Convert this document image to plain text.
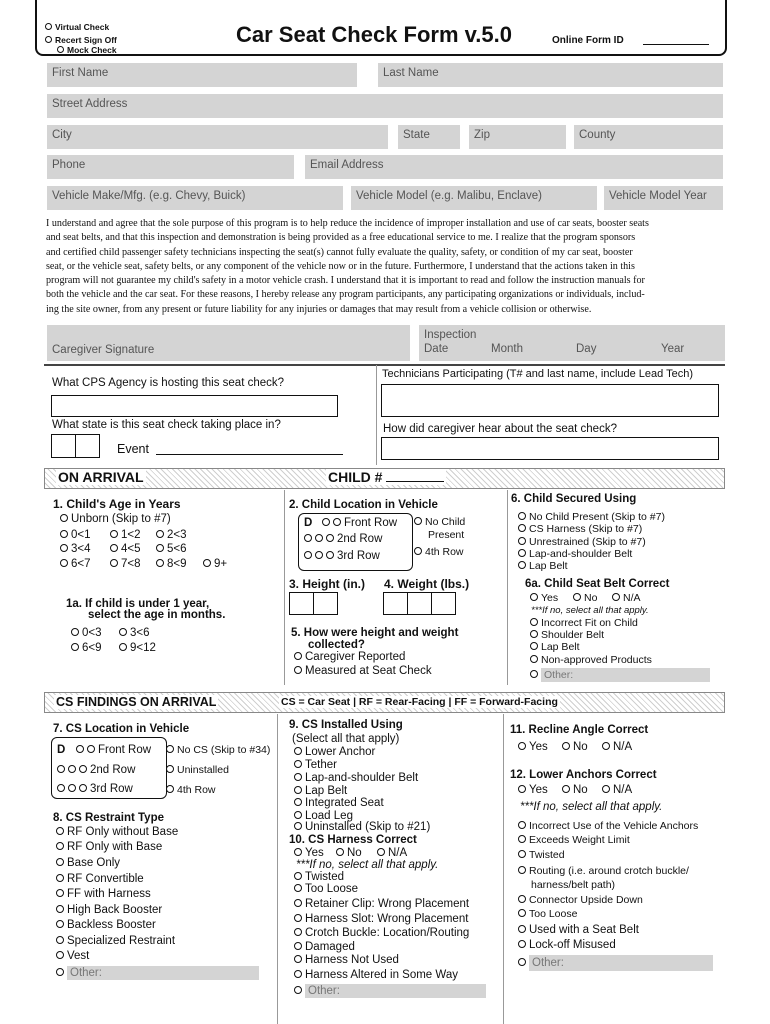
Virtual Check
Recert Sign Off
Mock Check
Car Seat Check Form v.5.0	Online Form ID
First Name	Last Name
Street Address
City	State	Zip	County
Phone	Email Address
Vehicle Make/Mfg. (e.g. Chevy, Buick)	Vehicle Model (e.g. Malibu, Enclave)	Vehicle Model Year
I understand and agree that the sole purpose of this program is to help reduce the incidence of improper installation and use of car seats, booster seats
and seat belts, and that this inspection and demonstration is being provided as a free educational service to me. I realize that the program sponsors
and certified child passenger safety technicians inspecting the seat(s) cannot fully evaluate the quality, safety, or condition of my car seat, booster
seat, or the vehicle seat, safety belts, or any component of the vehicle now or in the future. Furthermore, I understand that the actions taken in this
program will not guarantee my child's safety in a motor vehicle crash. I understand that it is important to read and follow the instruction manuals for
both the vehicle and the car seat. For these reasons, I hereby release any program participants, any participating organizations or individuals, includ-
ing the site owner, from any present or future liability for any injuries or damages that may result from a vehicle collision or otherwise.
Caregiver Signature
Inspection
Date	Month	Day	Year
What CPS Agency is hosting this seat check?
Technicians Participating (T# and last name, include Lead Tech)
What state is this seat check taking place in?
Event
How did caregiver hear about the seat check?
ON ARRIVAL	CHILD #
1. Child's Age in Years
Unborn (Skip to #7)
0<1	1<2	2<3
3<4	4<5	5<6
6<7	7<8	8<9	9+
1a. If child is under 1 year,
select the age in months.
0<3	3<6
6<9	9<12
2. Child Location in Vehicle
D	Front Row
2nd Row
3rd Row
No Child
Present
4th Row
3. Height (in.) 4. Weight (lbs.)
5. How were height and weight
collected?
Caregiver Reported
Measured at Seat Check
6. Child Secured Using
No Child Present (Skip to #7)
CS Harness (Skip to #7)
Unrestrained (Skip to #7)
Lap-and-shoulder Belt
Lap Belt
6a. Child Seat Belt Correct
Yes	No	N/A
***If no, select all that apply.
Incorrect Fit on Child
Shoulder Belt
Lap Belt
Non-approved Products
Other:
CS FINDINGS ON ARRIVAL	CS = Car Seat | RF = Rear-Facing | FF = Forward-Facing
7. CS Location in Vehicle
D	Front Row
2nd Row
3rd Row
No CS (Skip to #34)
Uninstalled
4th Row
8. CS Restraint Type
RF Only without Base
RF Only with Base
Base Only
RF Convertible
FF with Harness
High Back Booster
Backless Booster
Specialized Restraint
Vest
Other:
9. CS Installed Using
(Select all that apply)
Lower Anchor
Tether
Lap-and-shoulder Belt
Lap Belt
Integrated Seat
Load Leg
Uninstalled (Skip to #21)
10. CS Harness Correct
Yes	No	N/A
***If no, select all that apply.
Twisted
Too Loose
Retainer Clip: Wrong Placement
Harness Slot: Wrong Placement
Crotch Buckle: Location/Routing
Damaged
Harness Not Used
Harness Altered in Some Way
Other:
11. Recline Angle Correct
Yes	No	N/A
12. Lower Anchors Correct
Yes	No	N/A
***If no, select all that apply.
Incorrect Use of the Vehicle Anchors
Exceeds Weight Limit
Twisted
Routing (i.e. around crotch buckle/
harness/belt path)
Connector Upside Down
Too Loose
Used with a Seat Belt
Lock-off Misused
Other:
